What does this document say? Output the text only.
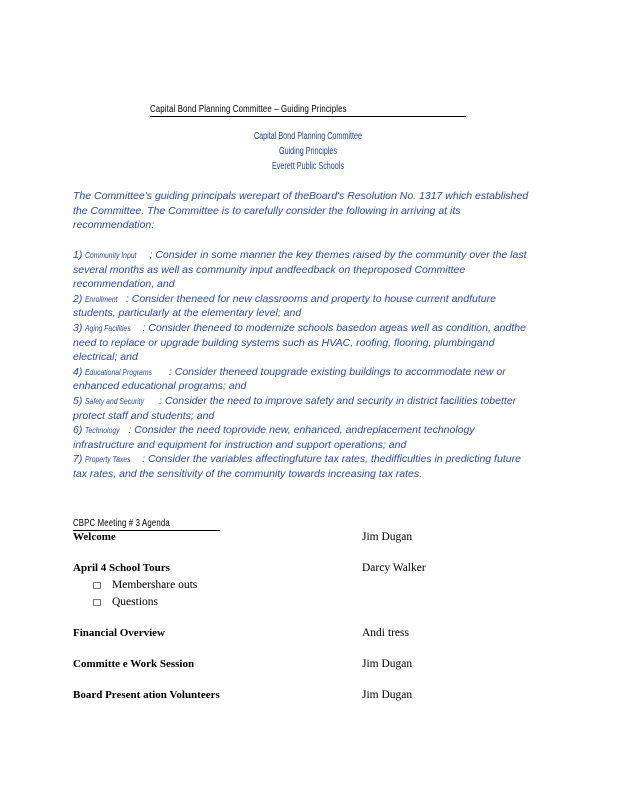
Capital Bond Planning Committee – Guiding Principles
Capital Bond Planning Committee
Guiding Principles
Everett Public Schools

The Committee's guiding principals werepart of theBoard's Resolution No. 1317 which established the Committee. The Committee is to carefully consider the following in arriving at its recommendation:

1) Community Input ; Consider in some manner the key themes raised by the community over the last several months as well as community input andfeedback on theproposed Committee recommendation, and

2) Enrollment : Consider theneed for new classrooms and property to house current andfuture students, particularly at the elementary level; and

3) Aging Facilities : Consider theneed to modernize schools basedon ageas well as condition, andthe need to replace or upgrade building systems such as HVAC, roofing, flooring, plumbingand electrical; and

4) Educational Programs : Consider theneed toupgrade existing buildings to accommodate new or enhanced educational programs; and

5) Safety and Security : Consider the need to improve safety and security in district facilities tobetter protect staff and students; and

6) Technology : Consider the need toprovide new, enhanced, andreplacement technology infrastructure and equipment for instruction and support operations; and

7) Property Taxes : Consider the variables affectingfuture tax rates, thedifficulties in predicting future tax rates, and the sensitivity of the community towards increasing tax rates.

CBPC Meeting # 3 Agenda
Welcome	Jim Dugan
April 4 School Tours	Darcy Walker
Membershare outs
Questions
Financial Overview	Andi tress
Committe e Work Session	Jim Dugan
Board Present ation Volunteers	Jim Dugan
